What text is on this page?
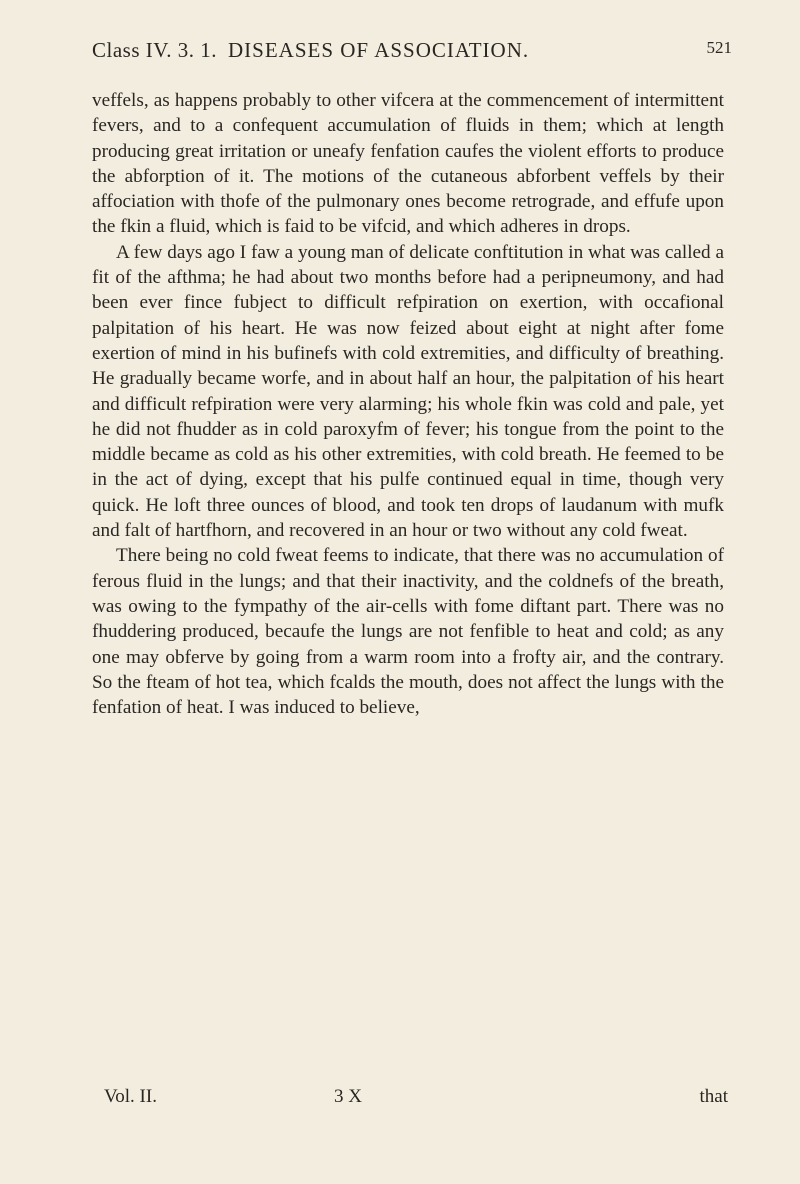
Class IV. 3. 1. DISEASES OF ASSOCIATION.	521

veffels, as happens probably to other vifcera at the commencement of intermittent fevers, and to a confequent accumulation of fluids in them; which at length producing great irritation or uneafy fenfation caufes the violent efforts to produce the abforption of it. The motions of the cutaneous abforbent veffels by their affociation with thofe of the pulmonary ones become retrograde, and effufe upon the fkin a fluid, which is faid to be vifcid, and which adheres in drops.

A few days ago I faw a young man of delicate conftitution in what was called a fit of the afthma; he had about two months before had a peripneumony, and had been ever fince fubject to difficult refpiration on exertion, with occafional palpitation of his heart. He was now feized about eight at night after fome exertion of mind in his bufinefs with cold extremities, and difficulty of breathing. He gradually became worfe, and in about half an hour, the palpitation of his heart and difficult refpiration were very alarming; his whole fkin was cold and pale, yet he did not fhudder as in cold paroxyfm of fever; his tongue from the point to the middle became as cold as his other extremities, with cold breath. He feemed to be in the act of dying, except that his pulfe continued equal in time, though very quick. He loft three ounces of blood, and took ten drops of laudanum with mufk and falt of hartfhorn, and recovered in an hour or two without any cold fweat.

There being no cold fweat feems to indicate, that there was no accumulation of ferous fluid in the lungs; and that their inactivity, and the coldnefs of the breath, was owing to the fympathy of the air-cells with fome diftant part. There was no fhuddering produced, becaufe the lungs are not fenfible to heat and cold; as any one may obferve by going from a warm room into a frofty air, and the contrary. So the fteam of hot tea, which fcalds the mouth, does not affect the lungs with the fenfation of heat. I was induced to believe,

Vol. II.	3 X	that
